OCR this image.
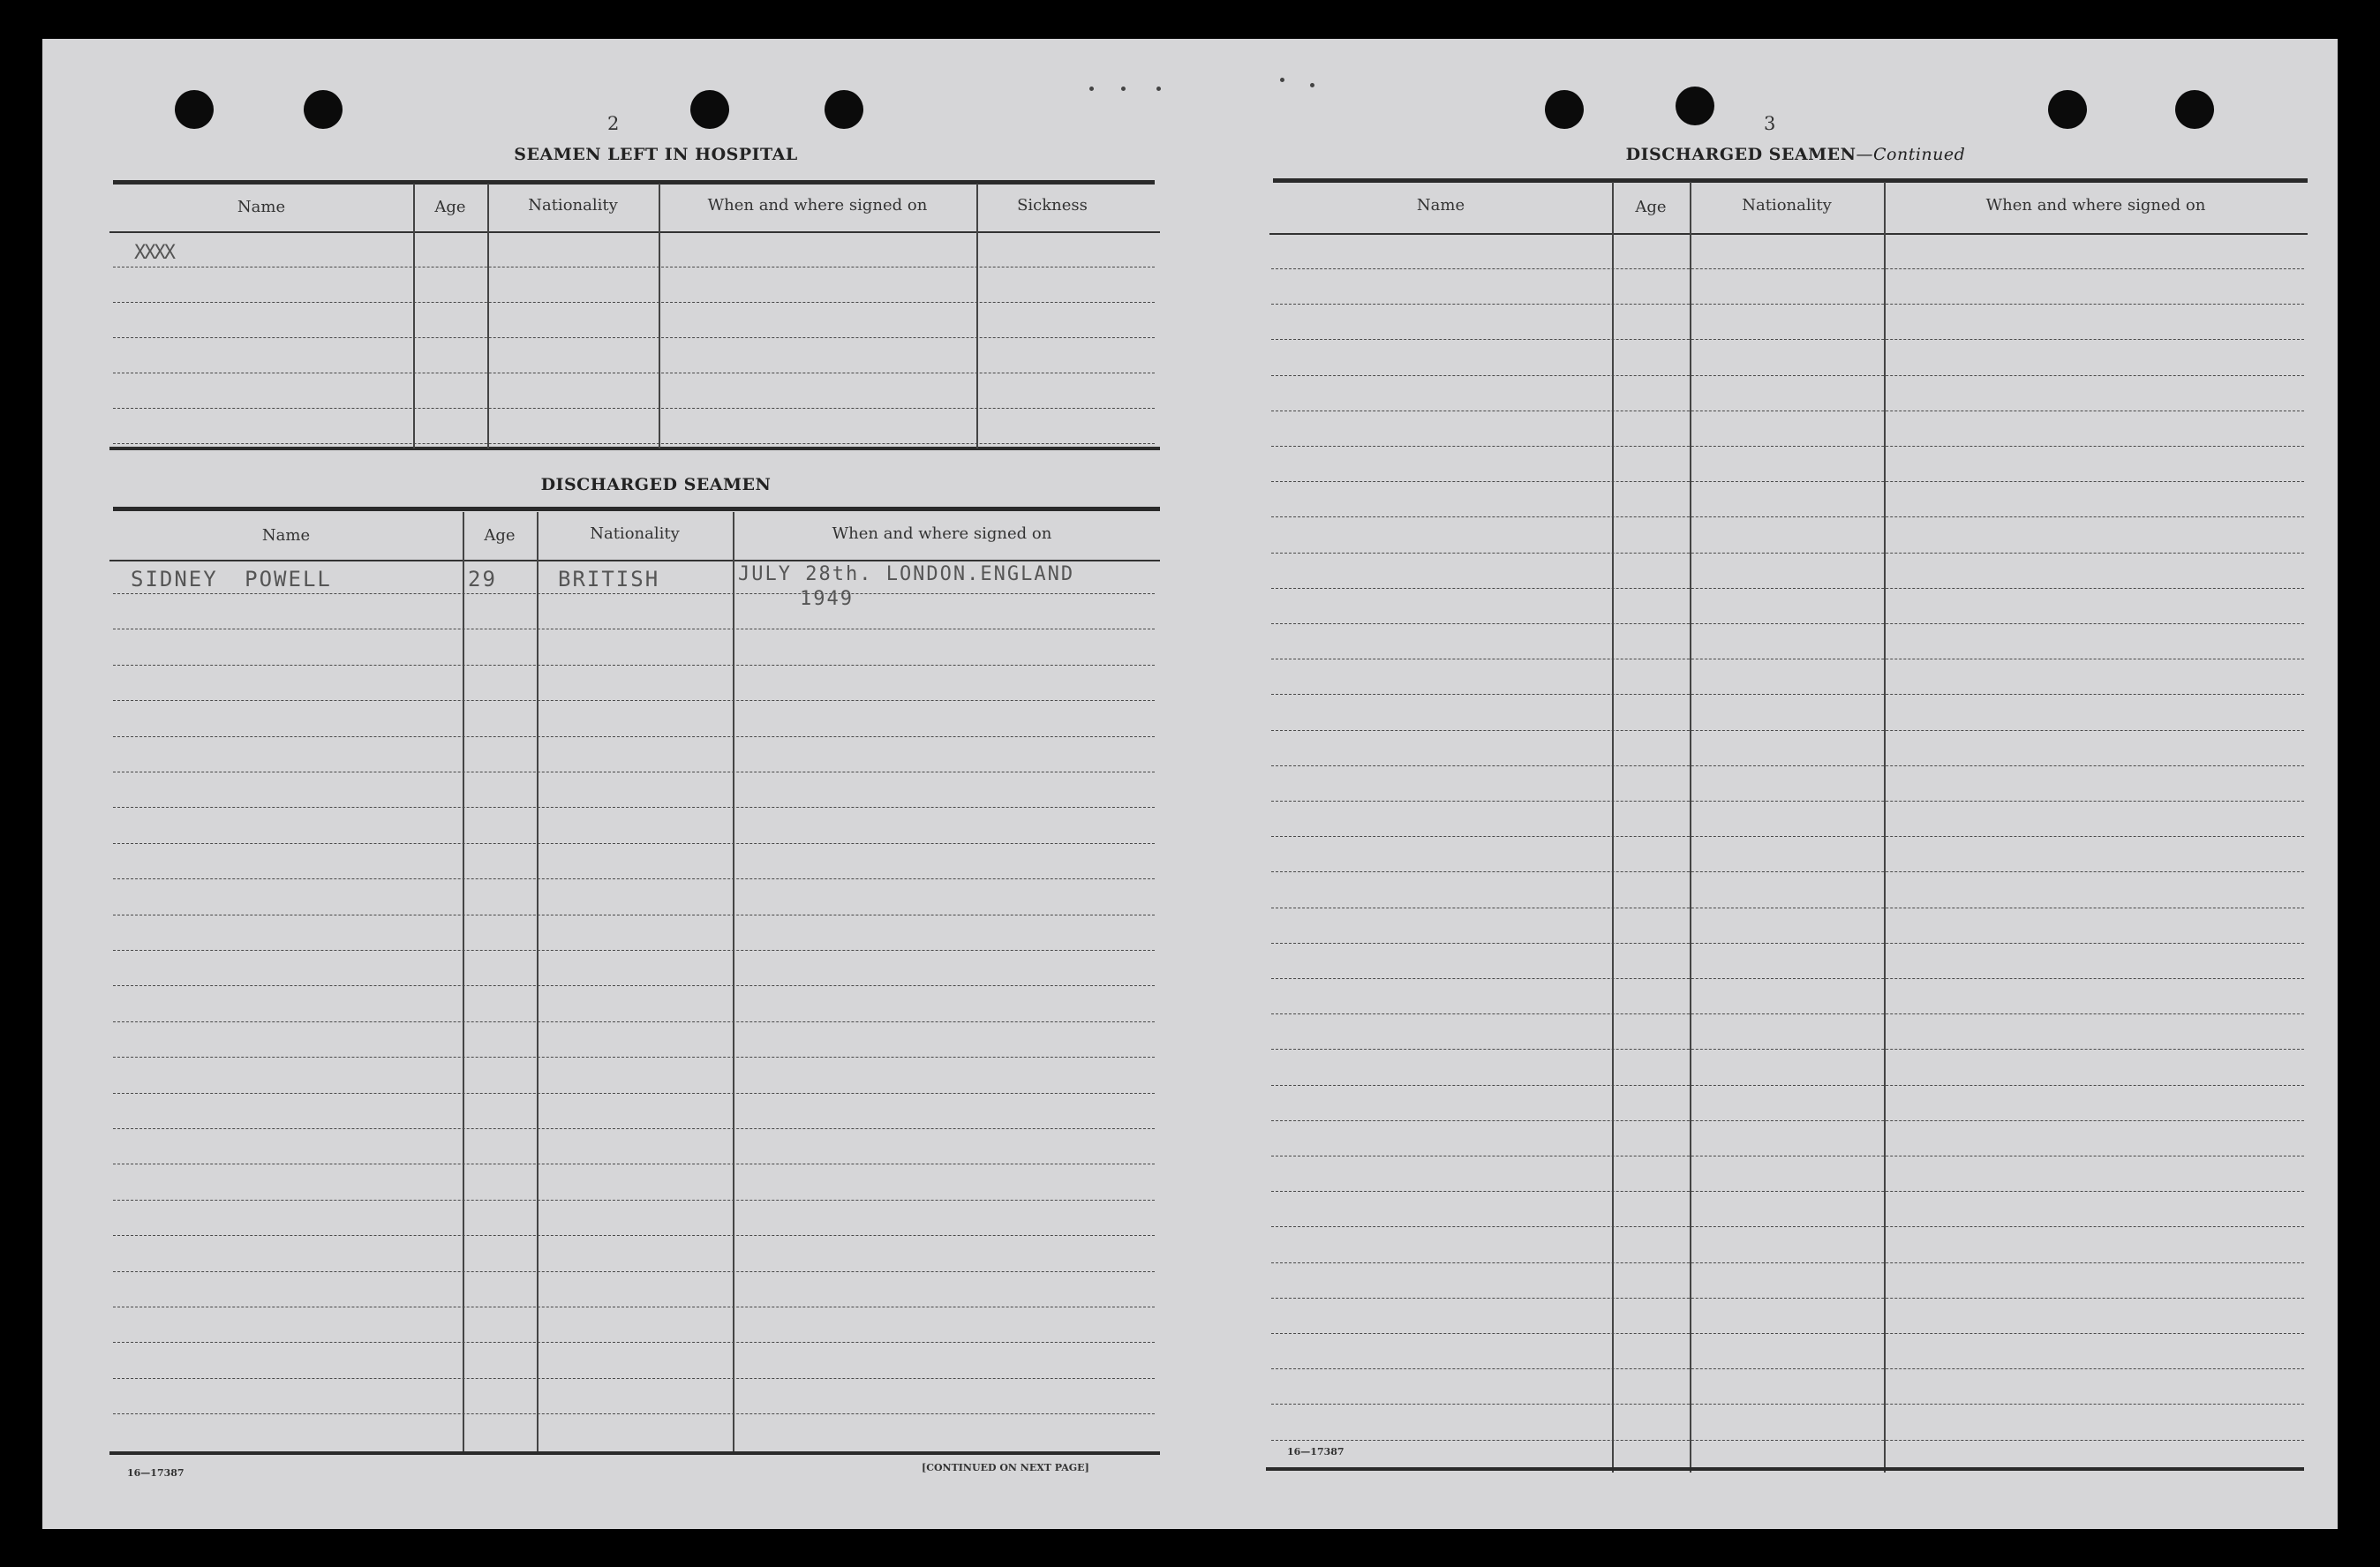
2
SEAMEN LEFT IN HOSPITAL
Name	Age	Nationality	When and where signed on	Sickness
XXXX
DISCHARGED SEAMEN
Name	Age	Nationality	When and where signed on
SIDNEY POWELL	29	BRITISH	JULY 28th. LONDON.ENGLAND
1949
16—17387	[CONTINUED ON NEXT PAGE]
3
DISCHARGED SEAMEN—Continued
Name	Age	Nationality	When and where signed on
16—17387
